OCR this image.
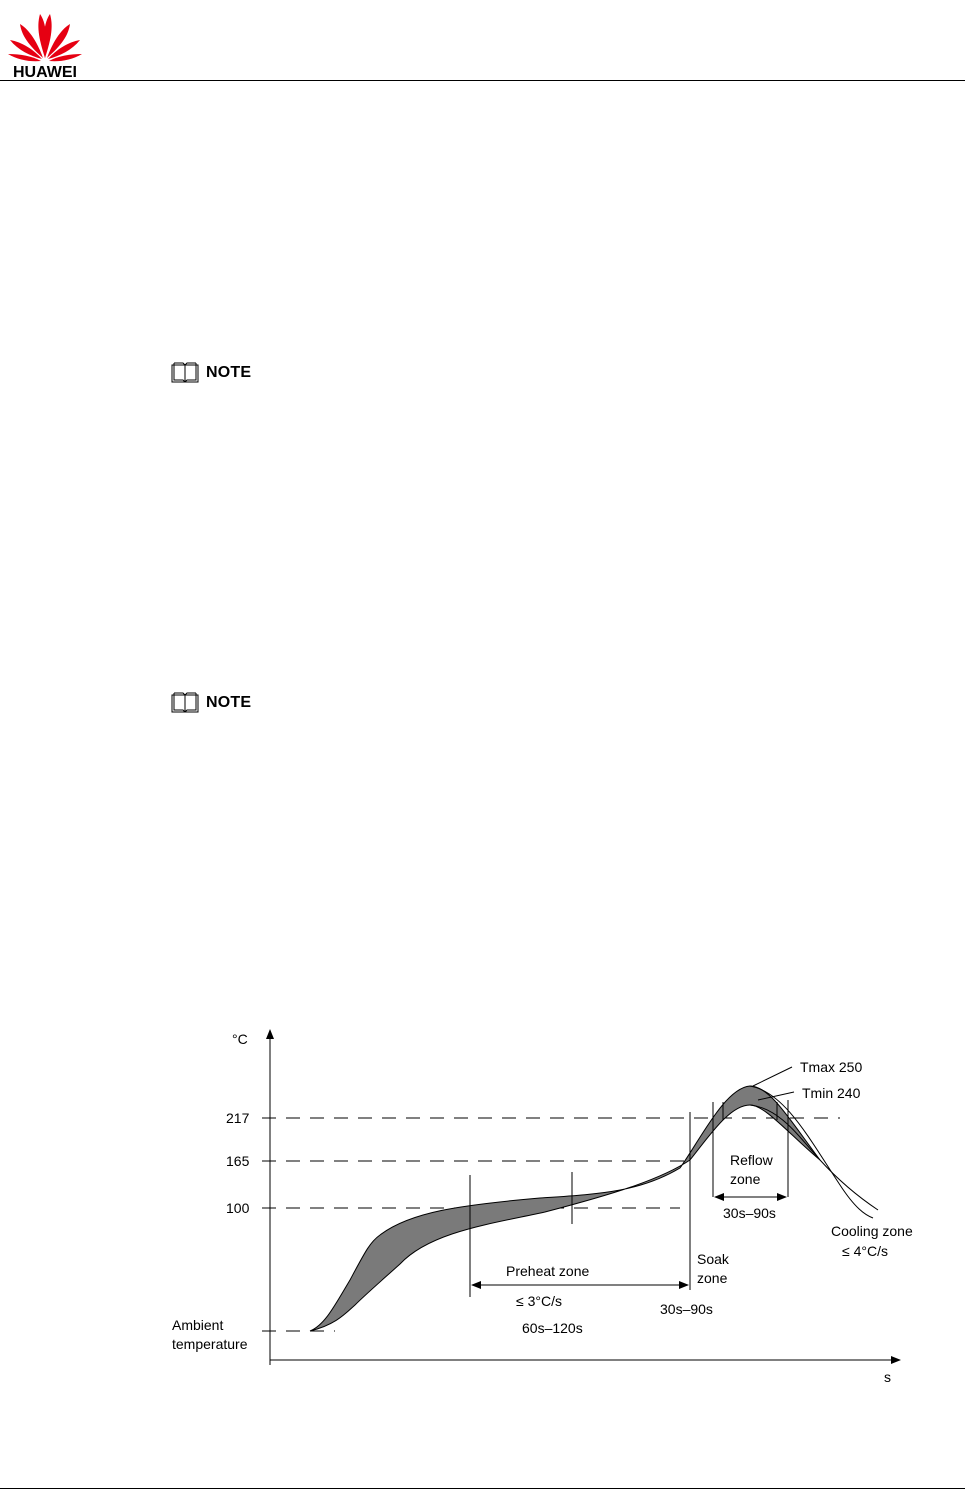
HUAWEI
NOTE
NOTE
°C
s
217
165
100
Ambient
temperature
Tmax 250
Tmin 240
Reflow
zone
30s–90s
Cooling zone
≤ 4°C/s
Soak
zone
Preheat zone
≤ 3°C/s	30s–90s
60s–120s
